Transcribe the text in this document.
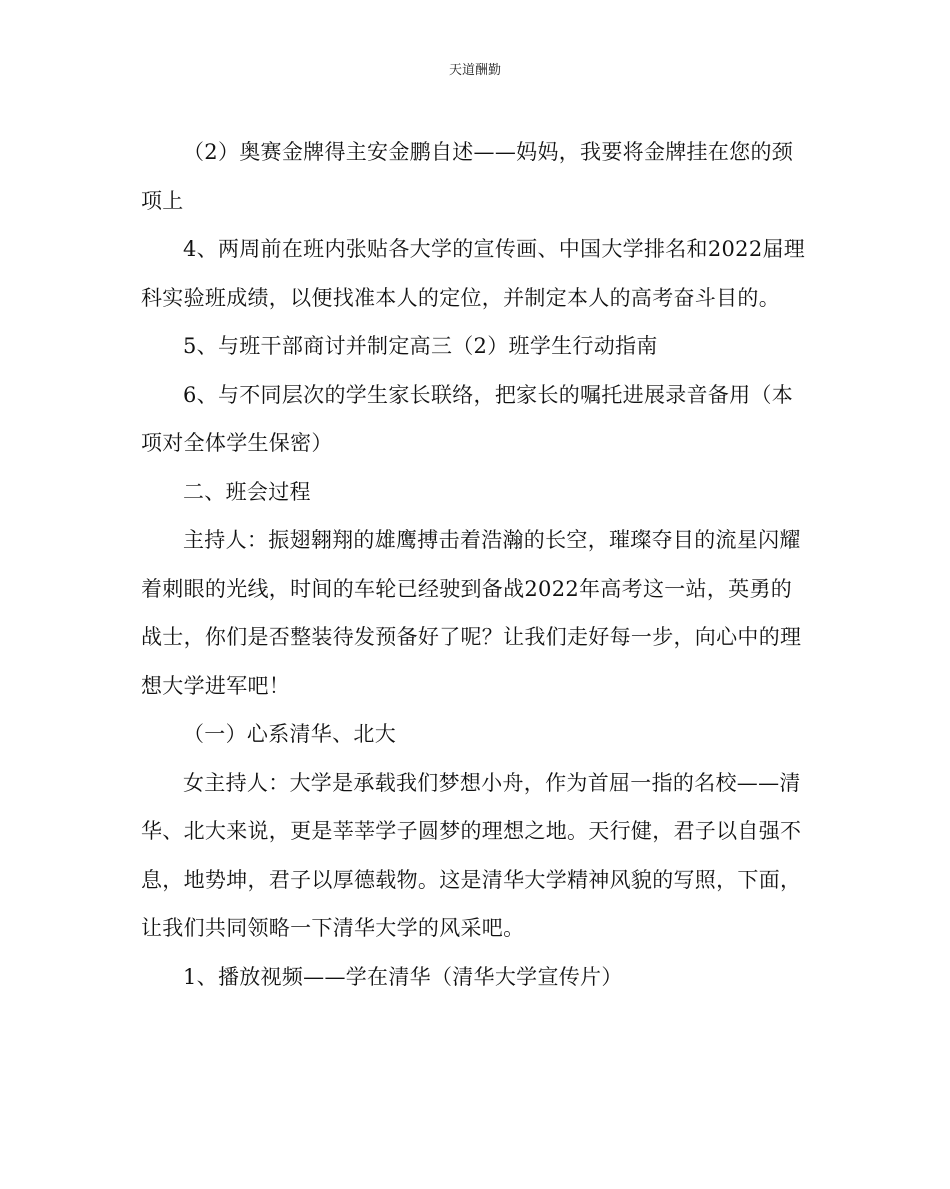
天道酬勤

（2）奥赛金牌得主安金鹏自述——妈妈，我要将金牌挂在您的颈项上

4、两周前在班内张贴各大学的宣传画、中国大学排名和2022届理科实验班成绩，以便找准本人的定位，并制定本人的高考奋斗目的。

5、与班干部商讨并制定高三（2）班学生行动指南

6、与不同层次的学生家长联络，把家长的嘱托进展录音备用（本项对全体学生保密）

二、班会过程

主持人：振翅翱翔的雄鹰搏击着浩瀚的长空，璀璨夺目的流星闪耀着刺眼的光线，时间的车轮已经驶到备战2022年高考这一站，英勇的战士，你们是否整装待发预备好了呢？让我们走好每一步，向心中的理想大学进军吧！

（一）心系清华、北大

女主持人：大学是承载我们梦想小舟，作为首屈一指的名校——清华、北大来说，更是莘莘学子圆梦的理想之地。天行健，君子以自强不息，地势坤，君子以厚德载物。这是清华大学精神风貌的写照，下面，让我们共同领略一下清华大学的风采吧。

1、播放视频——学在清华（清华大学宣传片）
